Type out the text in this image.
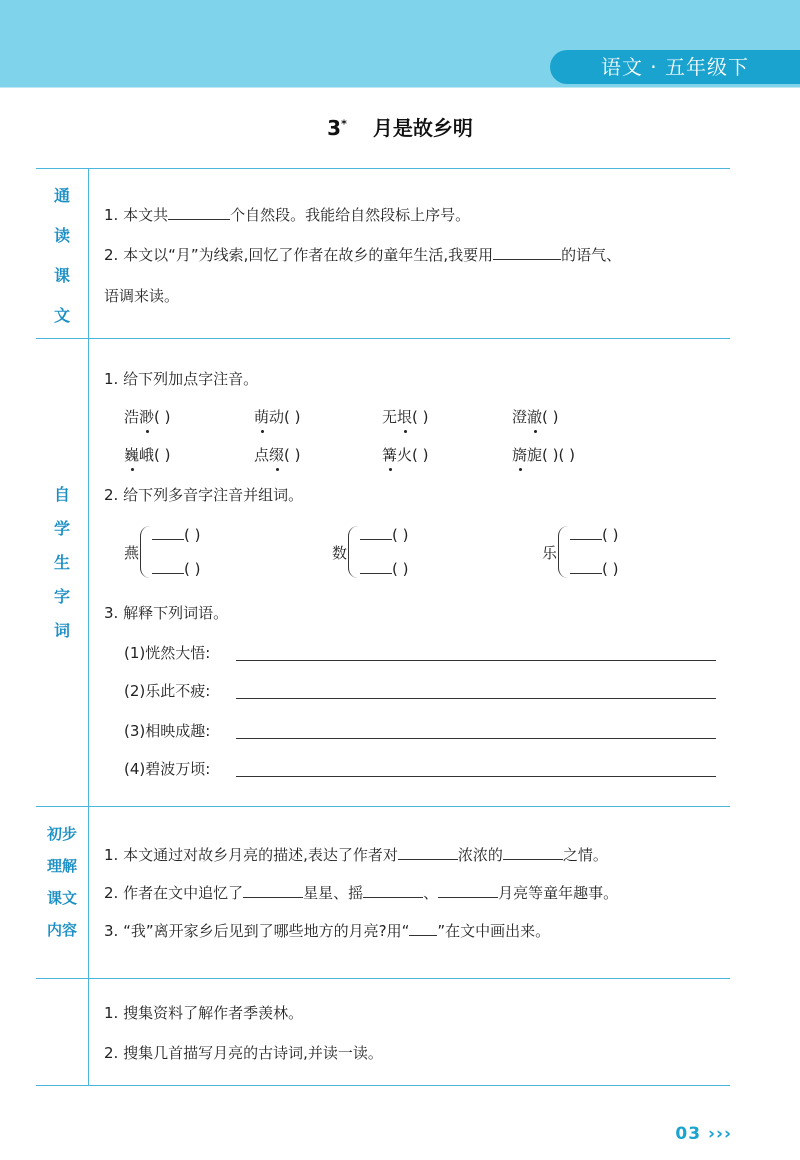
语文 · 五年级下
3* 月是故乡明
通
读
课
文
自
学
生
字
词
初步
理解
课文
内容
1. 本文共	个自然段。我能给自然段标上序号。
2. 本文以“月”为线索,回忆了作者在故乡的童年生活,我要用	的语气、
语调来读。
1. 给下列加点字注音。
浩渺( )	萌动( )	无垠( )	澄澈( )
巍峨( )	点缀( )	篝火( )	旖旎( )( )
2. 给下列多音字注音并组词。
燕
( )
( )
数
( )
( )
乐
( )
( )
3. 解释下列词语。
(1)恍然大悟:
(2)乐此不疲:
(3)相映成趣:
(4)碧波万顷:
1. 本文通过对故乡月亮的描述,表达了作者对	浓浓的	之情。
2. 作者在文中追忆了	星星、摇	、	月亮等童年趣事。
3. “我”离开家乡后见到了哪些地方的月亮?用“ ”在文中画出来。
1. 搜集资料了解作者季羡林。
2. 搜集几首描写月亮的古诗词,并读一读。
03 ›››
